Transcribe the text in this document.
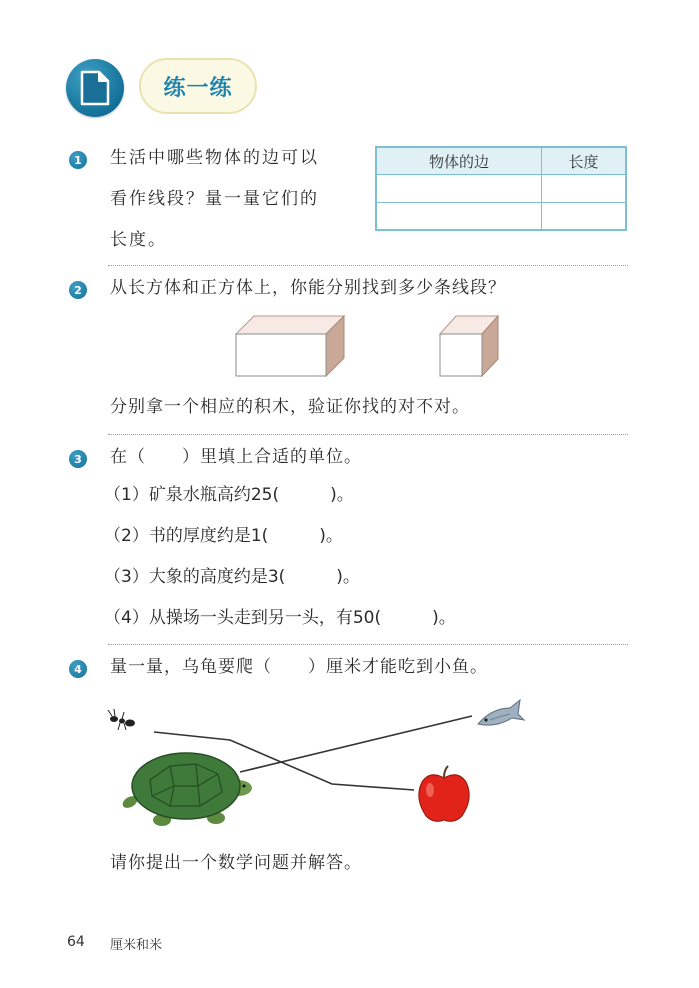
练一练
1	生活中哪些物体的边可以
看作线段？量一量它们的
长度。
物体的边	长度

2	从长方体和正方体上，你能分别找到多少条线段？
分别拿一个相应的积木，验证你找的对不对。
3	在（　　）里填上合适的单位。
（1）矿泉水瓶高约25(　　　)。
（2）书的厚度约是1(　　　)。
（3）大象的高度约是3(　　　)。
（4）从操场一头走到另一头，有50(　　　)。
4	量一量，乌龟要爬（　　）厘米才能吃到小鱼。
请你提出一个数学问题并解答。
64 厘米和米
